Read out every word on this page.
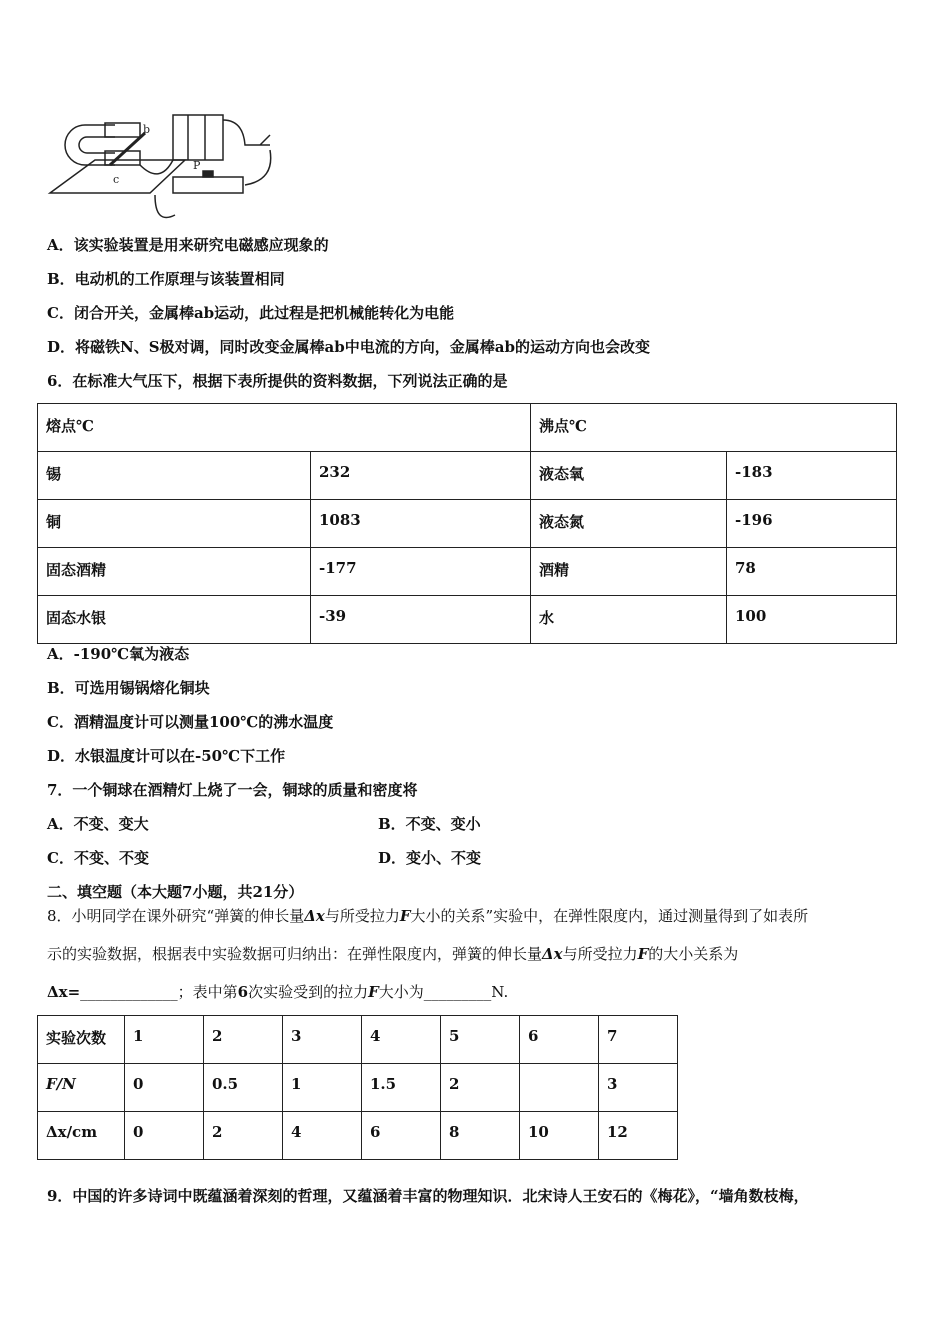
b
c
P
A．该实验装置是用来研究电磁感应现象的
B．电动机的工作原理与该装置相同
C．闭合开关，金属棒ab运动，此过程是把机械能转化为电能
D．将磁铁N、S极对调，同时改变金属棒ab中电流的方向，金属棒ab的运动方向也会改变
6．在标准大气压下，根据下表所提供的资料数据，下列说法正确的是
熔点℃		沸点℃	
锡	232	液态氧	-183
铜	1083	液态氮	-196
固态酒精	-177	酒精	78
固态水银	-39	水	100
A．-190℃氧为液态
B．可选用锡锅熔化铜块
C．酒精温度计可以测量100℃的沸水温度
D．水银温度计可以在-50℃下工作
7．一个铜球在酒精灯上烧了一会，铜球的质量和密度将
A．不变、变大	B．不变、变小
C．不变、不变	D．变小、不变
二、填空题（本大题7小题，共21分）
8．小明同学在课外研究“弹簧的伸长量Δx与所受拉力F大小的关系”实验中，在弹性限度内，通过测量得到了如表所
示的实验数据，根据表中实验数据可归纳出：在弹性限度内，弹簧的伸长量Δx与所受拉力F的大小关系为
Δx=_____________；表中第6次实验受到的拉力F大小为_________N.
实验次数	1	2	3	4	5	6	7
F/N	0	0.5	1	1.5	2		3
Δx/cm	0	2	4	6	8	10	12
9．中国的许多诗词中既蕴涵着深刻的哲理，又蕴涵着丰富的物理知识．北宋诗人王安石的《梅花》，“墙角数枝梅，
